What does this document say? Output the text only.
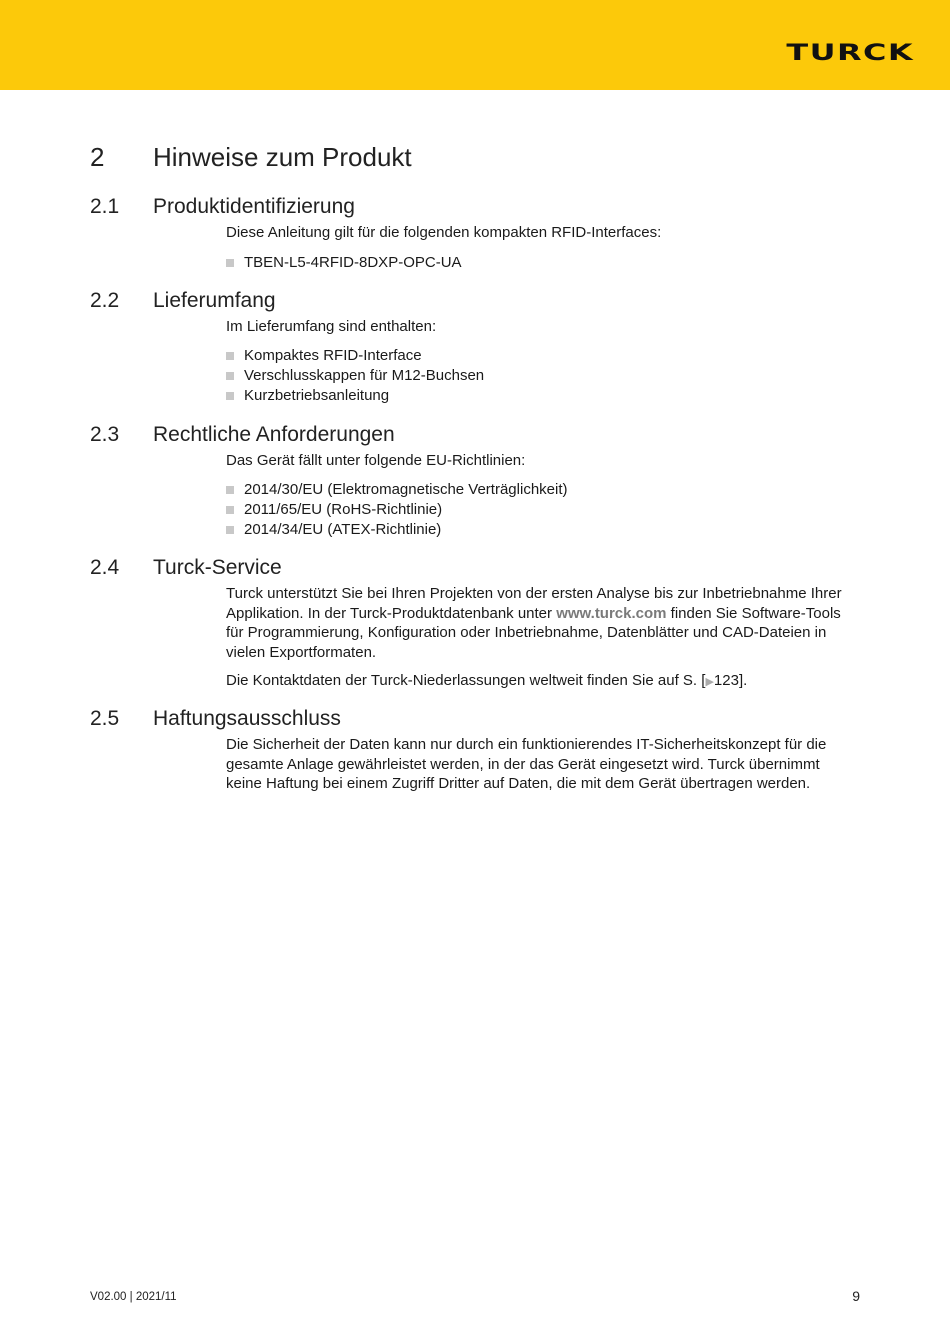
TURCK
2 Hinweise zum Produkt
2.1 Produktidentifizierung

Diese Anleitung gilt für die folgenden kompakten RFID-Interfaces:

TBEN-L5-4RFID-8DXP-OPC-UA
2.2 Lieferumfang

Im Lieferumfang sind enthalten:

Kompaktes RFID-Interface
Verschlusskappen für M12-Buchsen
Kurzbetriebsanleitung
2.3 Rechtliche Anforderungen

Das Gerät fällt unter folgende EU-Richtlinien:

2014/30/EU (Elektromagnetische Verträglichkeit)
2011/65/EU (RoHS-Richtlinie)
2014/34/EU (ATEX-Richtlinie)
2.4 Turck-Service

Turck unterstützt Sie bei Ihren Projekten von der ersten Analyse bis zur Inbetriebnahme Ihrer Applikation. In der Turck-Produktdatenbank unter www.turck.com finden Sie Software-Tools für Programmierung, Konfiguration oder Inbetriebnahme, Datenblätter und CAD-Dateien in vielen Exportformaten.

Die Kontaktdaten der Turck-Niederlassungen weltweit finden Sie auf S. [▶123].

2.5 Haftungsausschluss

Die Sicherheit der Daten kann nur durch ein funktionierendes IT-Sicherheitskonzept für die gesamte Anlage gewährleistet werden, in der das Gerät eingesetzt wird. Turck übernimmt keine Haftung bei einem Zugriff Dritter auf Daten, die mit dem Gerät übertragen werden.

V02.00 | 2021/11	9
